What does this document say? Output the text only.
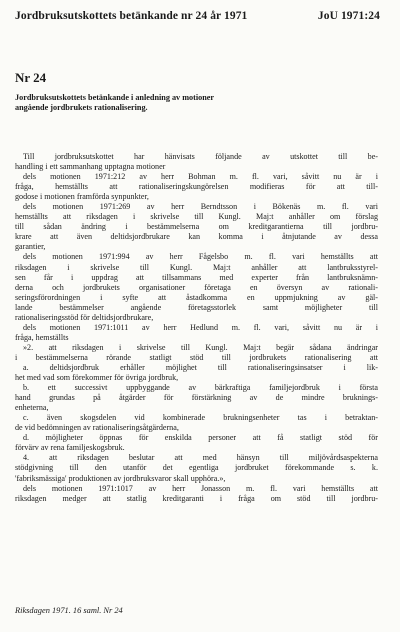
Jordbruksutskottets betänkande nr 24 år 1971	JoU 1971:24
Nr 24
Jordbruksutskottets betänkande i anledning av motioner
angående jordbrukets rationalisering.

Till jordbruksutskottet har hänvisats följande av utskottet till be-

handling i ett sammanhang upptagna motioner

dels motionen 1971:212 av herr Bohman m. fl. vari, såvitt nu är i

fråga, hemställts att rationaliseringskungörelsen modifieras för att till-

godose i motionen framförda synpunkter,

dels motionen 1971:269 av herr Berndtsson i Bökenäs m. fl. vari

hemställts att riksdagen i skrivelse till Kungl. Maj:t anhåller om förslag

till sådan ändring i bestämmelserna om kreditgarantierna till jordbru-

krare att även deltidsjordbrukare kan komma i åtnjutande av dessa

garantier,

dels motionen 1971:994 av herr Fågelsbo m. fl. vari hemställts att

riksdagen i skrivelse till Kungl. Maj:t anhåller att lantbruksstyrel-

sen får i uppdrag att tillsammans med experter från lantbruksnämn-

derna och jordbrukets organisationer företaga en översyn av rationali-

seringsförordningen i syfte att åstadkomma en uppmjukning av gäl-

lande bestämmelser angående företagsstorlek samt möjligheter till

rationaliseringsstöd för deltidsjordbrukare,

dels motionen 1971:1011 av herr Hedlund m. fl. vari, såvitt nu är i

fråga, hemställts

»2. att riksdagen i skrivelse till Kungl. Maj:t begär sådana ändringar

i bestämmelserna rörande statligt stöd till jordbrukets rationalisering att

a. deltidsjordbruk erhåller möjlighet till rationaliseringsinsatser i lik-

het med vad som förekommer för övriga jordbruk,

b. ett successivt uppbyggande av bärkraftiga familjejordbruk i första

hand grundas på åtgärder för förstärkning av de mindre bruknings-

enheterna,

c. även skogsdelen vid kombinerade brukningsenheter tas i betraktan-

de vid bedömningen av rationaliseringsåtgärderna,

d. möjligheter öppnas för enskilda personer att få statligt stöd för

förvärv av rena familjeskogsbruk.

4. att riksdagen beslutar att med hänsyn till miljövårdsaspekterna

stödgivning till den utanför det egentliga jordbruket förekommande s. k.

'fabriksmässiga' produktionen av jordbruksvaror skall upphöra.»,

dels motionen 1971:1017 av herr Jonasson m. fl. vari hemställts att

riksdagen medger att statlig kreditgaranti i fråga om stöd till jordbru-

Riksdagen 1971. 16 saml. Nr 24
